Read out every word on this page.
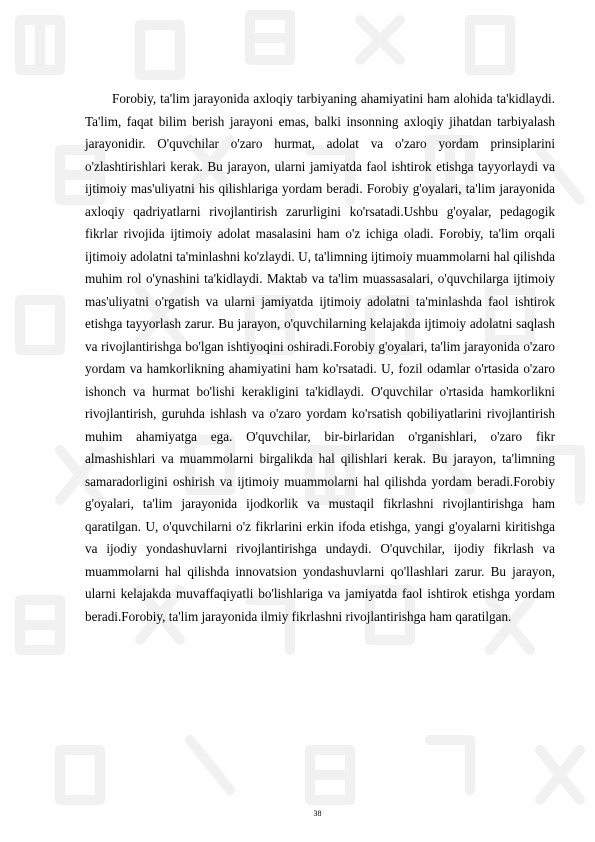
Forobiy, ta'lim jarayonida axloqiy tarbiyaning ahamiyatini ham alohida ta'kidlaydi. Ta'lim, faqat bilim berish jarayoni emas, balki insonning axloqiy jihatdan tarbiyalash jarayonidir. O'quvchilar o'zaro hurmat, adolat va o'zaro yordam prinsiplarini o'zlashtirishlari kerak. Bu jarayon, ularni jamiyatda faol ishtirok etishga tayyorlaydi va ijtimoiy mas'uliyatni his qilishlariga yordam beradi. Forobiy g'oyalari, ta'lim jarayonida axloqiy qadriyatlarni rivojlantirish zarurligini ko'rsatadi.Ushbu g'oyalar, pedagogik fikrlar rivojida ijtimoiy adolat masalasini ham o'z ichiga oladi. Forobiy, ta'lim orqali ijtimoiy adolatni ta'minlashni ko'zlaydi. U, ta'limning ijtimoiy muammolarni hal qilishda muhim rol o'ynashini ta'kidlaydi. Maktab va ta'lim muassasalari, o'quvchilarga ijtimoiy mas'uliyatni o'rgatish va ularni jamiyatda ijtimoiy adolatni ta'minlashda faol ishtirok etishga tayyorlash zarur. Bu jarayon, o'quvchilarning kelajakda ijtimoiy adolatni saqlash va rivojlantirishga bo'lgan ishtiyoqini oshiradi.Forobiy g'oyalari, ta'lim jarayonida o'zaro yordam va hamkorlikning ahamiyatini ham ko'rsatadi. U, fozil odamlar o'rtasida o'zaro ishonch va hurmat bo'lishi kerakligini ta'kidlaydi. O'quvchilar o'rtasida hamkorlikni rivojlantirish, guruhda ishlash va o'zaro yordam ko'rsatish qobiliyatlarini rivojlantirish muhim ahamiyatga ega. O'quvchilar, bir-birlaridan o'rganishlari, o'zaro fikr almashishlari va muammolarni birgalikda hal qilishlari kerak. Bu jarayon, ta'limning samaradorligini oshirish va ijtimoiy muammolarni hal qilishda yordam beradi.Forobiy g'oyalari, ta'lim jarayonida ijodkorlik va mustaqil fikrlashni rivojlantirishga ham qaratilgan. U, o'quvchilarni o'z fikrlarini erkin ifoda etishga, yangi g'oyalarni kiritishga va ijodiy yondashuvlarni rivojlantirishga undaydi. O'quvchilar, ijodiy fikrlash va muammolarni hal qilishda innovatsion yondashuvlarni qo'llashlari zarur. Bu jarayon, ularni kelajakda muvaffaqiyatli bo'lishlariga va jamiyatda faol ishtirok etishga yordam beradi.Forobiy, ta'lim jarayonida ilmiy fikrlashni rivojlantirishga ham qaratilgan.

38
